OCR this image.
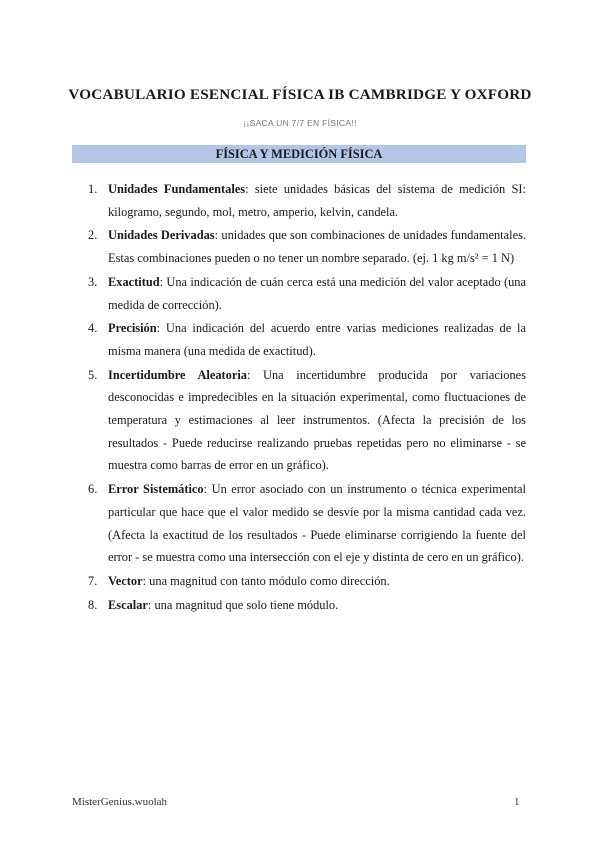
VOCABULARIO ESENCIAL FÍSICA IB CAMBRIDGE Y OXFORD
¡¡SACA UN 7/7 EN FÍSICA!!
FÍSICA Y MEDICIÓN FÍSICA
1. Unidades Fundamentales: siete unidades básicas del sistema de medición SI: kilogramo, segundo, mol, metro, amperio, kelvin, candela.
2. Unidades Derivadas: unidades que son combinaciones de unidades fundamentales. Estas combinaciones pueden o no tener un nombre separado. (ej. 1 kg m/s² = 1 N)
3. Exactitud: Una indicación de cuán cerca está una medición del valor aceptado (una medida de corrección).
4. Precisión: Una indicación del acuerdo entre varias mediciones realizadas de la misma manera (una medida de exactitud).
5. Incertidumbre Aleatoria: Una incertidumbre producida por variaciones desconocidas e impredecibles en la situación experimental, como fluctuaciones de temperatura y estimaciones al leer instrumentos. (Afecta la precisión de los resultados - Puede reducirse realizando pruebas repetidas pero no eliminarse - se muestra como barras de error en un gráfico).
6. Error Sistemático: Un error asociado con un instrumento o técnica experimental particular que hace que el valor medido se desvíe por la misma cantidad cada vez. (Afecta la exactitud de los resultados - Puede eliminarse corrigiendo la fuente del error - se muestra como una intersección con el eje y distinta de cero en un gráfico).
7. Vector: una magnitud con tanto módulo como dirección.
8. Escalar: una magnitud que solo tiene módulo.
MisterGenius.wuolah	1
